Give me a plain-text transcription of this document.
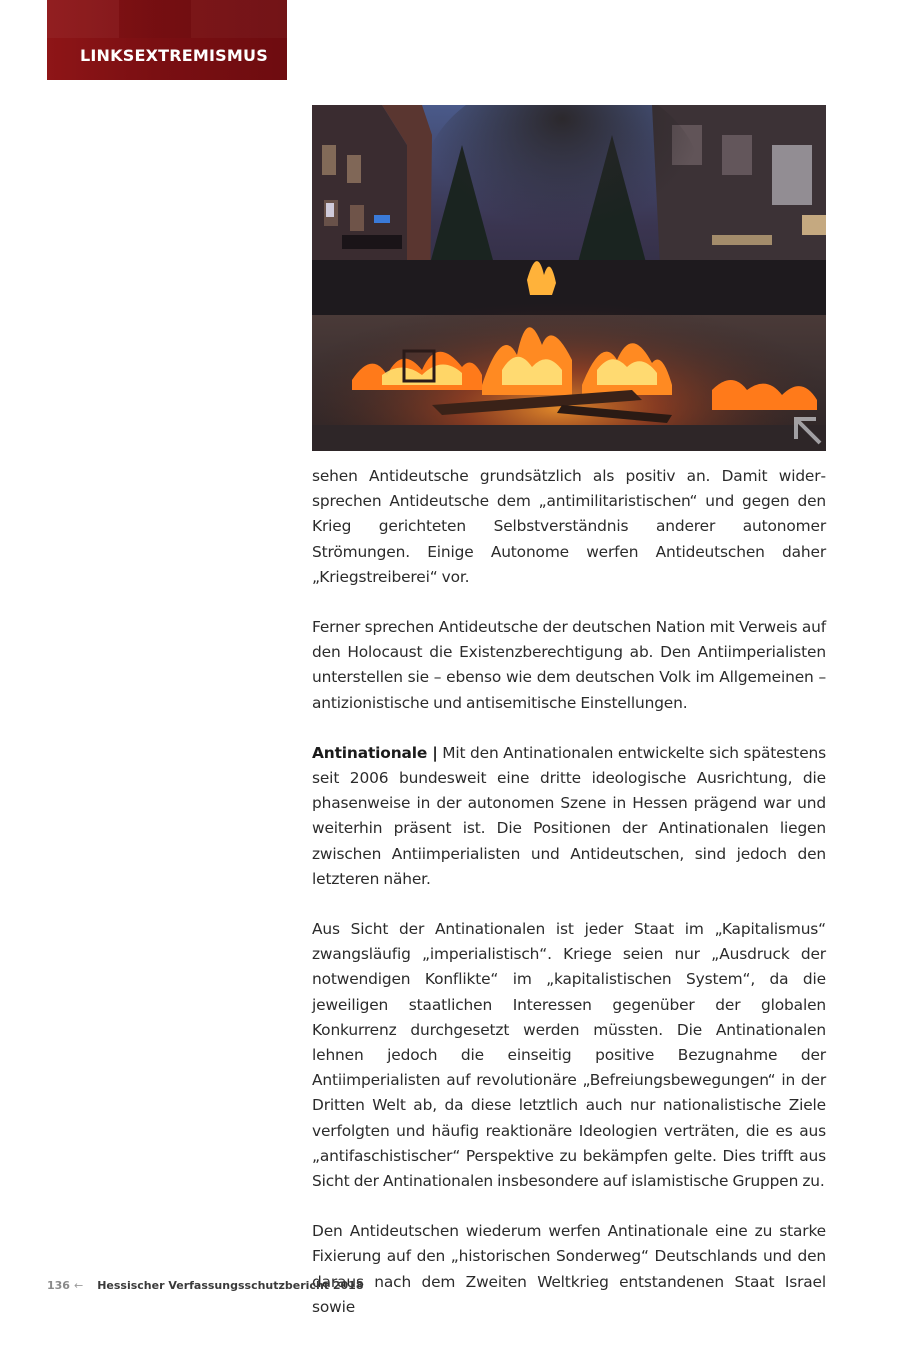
LINKSEXTREMISMUS

sehen Antideutsche grundsätzlich als positiv an. Damit widersprechen Antideutsche dem „antimilitaristischen“ und gegen den Krieg gerichteten Selbstverständnis anderer autonomer Strömungen. Einige Autonome werfen Antideutschen daher „Kriegstreiberei“ vor.

Ferner sprechen Antideutsche der deutschen Nation mit Verweis auf den Holocaust die Existenzberechtigung ab. Den Antiimperialisten unterstellen sie – ebenso wie dem deutschen Volk im Allgemeinen – antizionistische und antisemitische Einstellungen.

Antinationale | Mit den Antinationalen entwickelte sich spätestens seit 2006 bundesweit eine dritte ideologische Ausrichtung, die phasenweise in der autonomen Szene in Hessen prägend war und weiterhin präsent ist. Die Positionen der Antinationalen liegen zwischen Antiimperialisten und Antideutschen, sind jedoch den letzteren näher.

Aus Sicht der Antinationalen ist jeder Staat im „Kapitalismus“ zwangsläufig „imperialistisch“. Kriege seien nur „Ausdruck der notwendigen Konflikte“ im „kapitalistischen System“, da die jeweiligen staatlichen Interessen gegenüber der globalen Konkurrenz durchgesetzt werden müssten. Die Antinationalen lehnen jedoch die einseitig positive Bezugnahme der Antiimperialisten auf revolutionäre „Befreiungsbewegungen“ in der Dritten Welt ab, da diese letztlich auch nur nationalistische Ziele verfolgten und häufig reaktionäre Ideologien verträten, die es aus „antifaschistischer“ Perspektive zu bekämpfen gelte. Dies trifft aus Sicht der Antinationalen insbesondere auf islamistische Gruppen zu.

Den Antideutschen wiederum werfen Antinationale eine zu starke Fixierung auf den „historischen Sonderweg“ Deutschlands und den daraus nach dem Zweiten Weltkrieg entstandenen Staat Israel sowie

136 ← Hessischer Verfassungsschutzbericht 2018
